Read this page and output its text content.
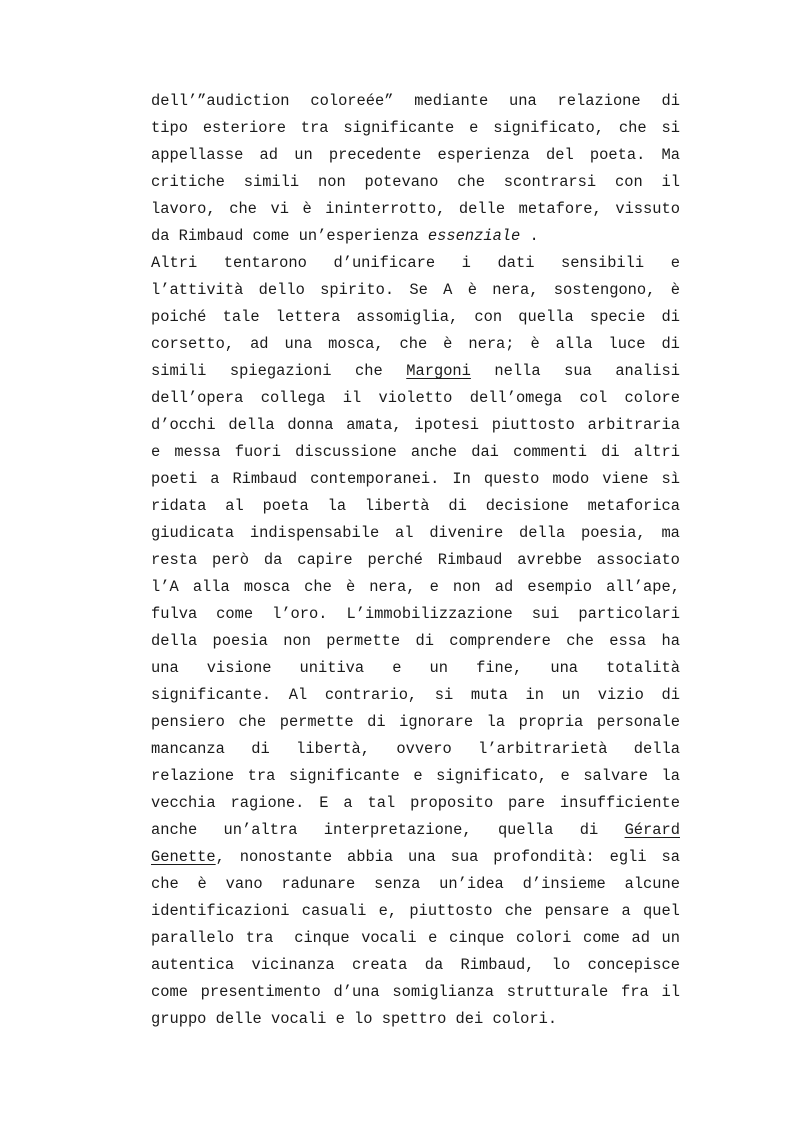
dell’”audiction coloreée” mediante una relazione di
tipo esteriore tra significante e significato, che si
appellasse ad un precedente esperienza del poeta. Ma
critiche simili non potevano che scontrarsi con il
lavoro, che vi è ininterrotto, delle metafore, vissuto
da Rimbaud come un’esperienza essenziale .
Altri tentarono d’unificare i dati sensibili e
l’attività dello spirito. Se A è nera, sostengono, è
poiché tale lettera assomiglia, con quella specie di
corsetto, ad una mosca, che è nera; è alla luce di
simili spiegazioni che Margoni nella sua analisi
dell’opera collega il violetto dell’omega col colore
d’occhi della donna amata, ipotesi piuttosto arbitraria
e messa fuori discussione anche dai commenti di altri
poeti a Rimbaud contemporanei. In questo modo viene sì
ridata al poeta la libertà di decisione metaforica
giudicata indispensabile al divenire della poesia, ma
resta però da capire perché Rimbaud avrebbe associato
l’A alla mosca che è nera, e non ad esempio all’ape,
fulva come l’oro. L’immobilizzazione sui particolari
della poesia non permette di comprendere che essa ha
una visione unitiva e un fine, una totalità
significante. Al contrario, si muta in un vizio di
pensiero che permette di ignorare la propria personale
mancanza di libertà, ovvero l’arbitrarietà della
relazione tra significante e significato, e salvare la
vecchia ragione. E a tal proposito pare insufficiente
anche un’altra interpretazione, quella di Gérard
Genette, nonostante abbia una sua profondità: egli sa
che è vano radunare senza un’idea d’insieme alcune
identificazioni casuali e, piuttosto che pensare a quel
parallelo tra cinque vocali e cinque colori come ad un
autentica vicinanza creata da Rimbaud, lo concepisce
come presentimento d’una somiglianza strutturale fra il
gruppo delle vocali e lo spettro dei colori.
